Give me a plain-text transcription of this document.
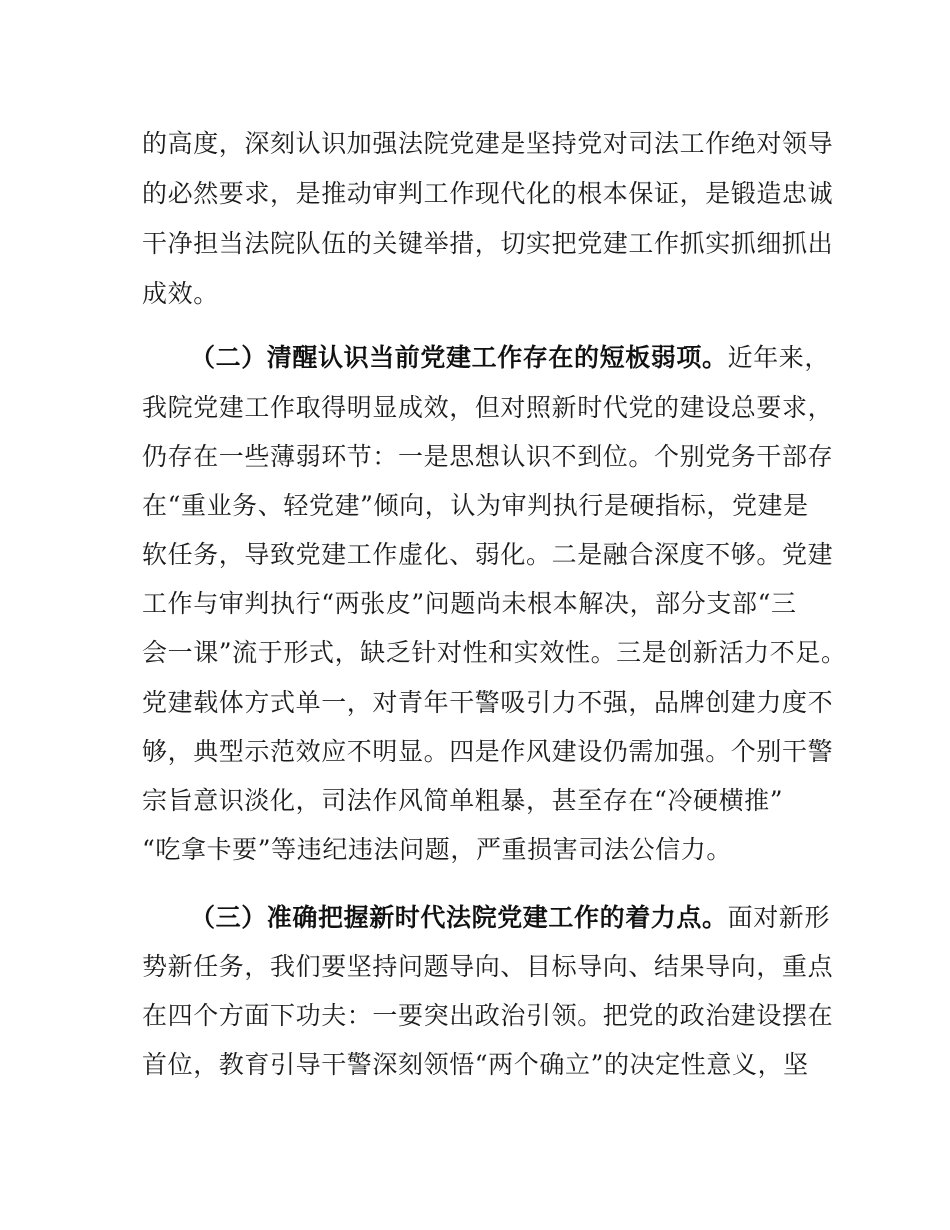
的高度，深刻认识加强法院党建是坚持党对司法工作绝对领导
的必然要求，是推动审判工作现代化的根本保证，是锻造忠诚
干净担当法院队伍的关键举措，切实把党建工作抓实抓细抓出
成效。
（二）清醒认识当前党建工作存在的短板弱项。近年来，
我院党建工作取得明显成效，但对照新时代党的建设总要求，
仍存在一些薄弱环节：一是思想认识不到位。个别党务干部存
在“重业务、轻党建”倾向，认为审判执行是硬指标，党建是
软任务，导致党建工作虚化、弱化。二是融合深度不够。党建
工作与审判执行“两张皮”问题尚未根本解决，部分支部“三
会一课”流于形式，缺乏针对性和实效性。三是创新活力不足。
党建载体方式单一，对青年干警吸引力不强，品牌创建力度不
够，典型示范效应不明显。四是作风建设仍需加强。个别干警
宗旨意识淡化，司法作风简单粗暴，甚至存在“冷硬横推”
“吃拿卡要”等违纪违法问题，严重损害司法公信力。
（三）准确把握新时代法院党建工作的着力点。面对新形
势新任务，我们要坚持问题导向、目标导向、结果导向，重点
在四个方面下功夫：一要突出政治引领。把党的政治建设摆在
首位，教育引导干警深刻领悟“两个确立”的决定性意义，坚
